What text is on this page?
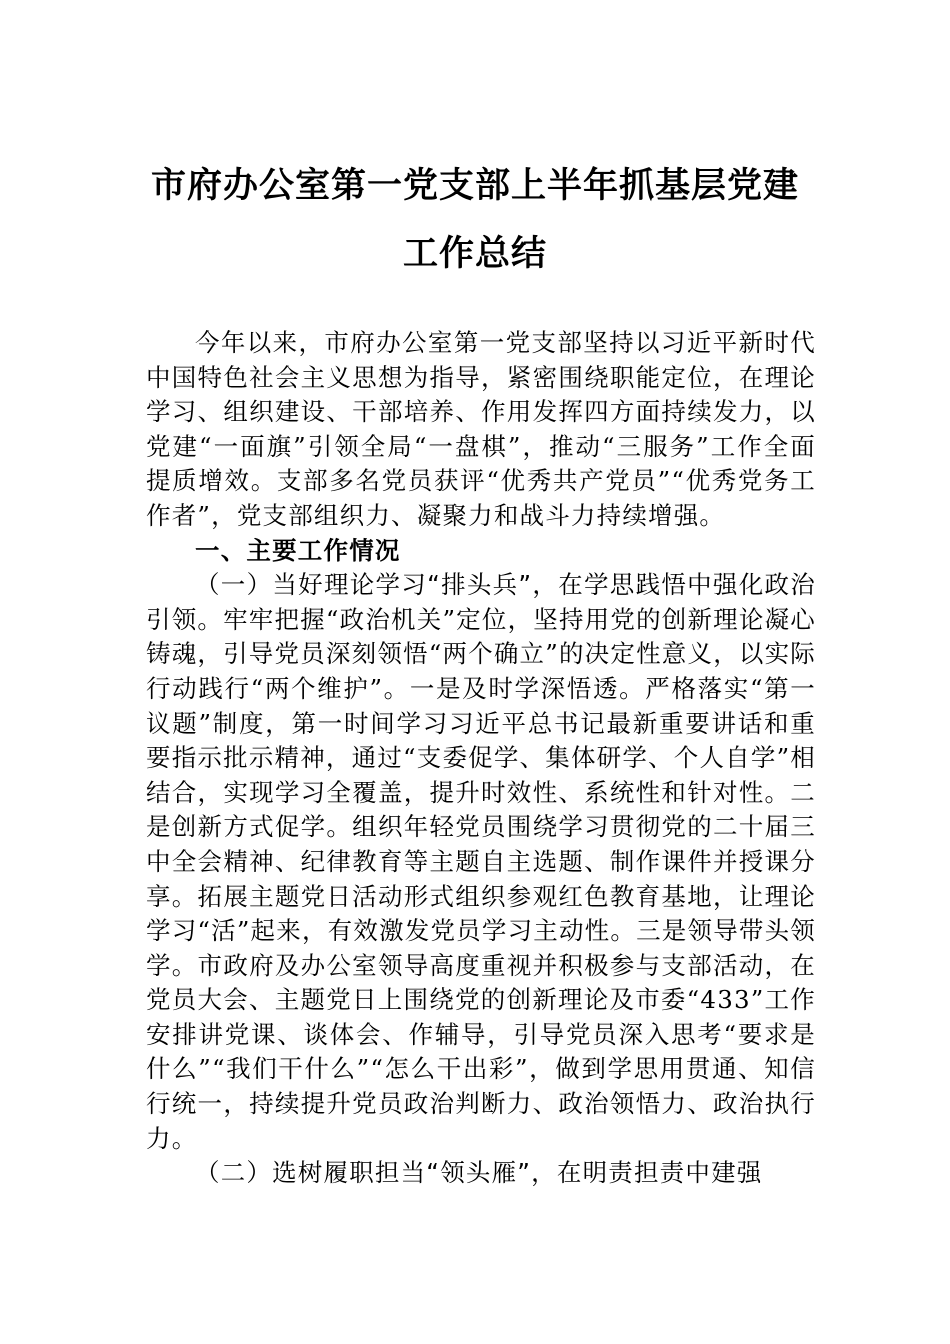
市府办公室第一党支部上半年抓基层党建
工作总结

今年以来，市府办公室第一党支部坚持以习近平新时代中国特色社会主义思想为指导，紧密围绕职能定位，在理论学习、组织建设、干部培养、作用发挥四方面持续发力，以党建“一面旗”引领全局“一盘棋”，推动“三服务”工作全面提质增效。支部多名党员获评“优秀共产党员”“优秀党务工作者”，党支部组织力、凝聚力和战斗力持续增强。

一、主要工作情况

（一）当好理论学习“排头兵”，在学思践悟中强化政治引领。牢牢把握“政治机关”定位，坚持用党的创新理论凝心铸魂，引导党员深刻领悟“两个确立”的决定性意义，以实际行动践行“两个维护”。一是及时学深悟透。严格落实“第一议题”制度，第一时间学习习近平总书记最新重要讲话和重要指示批示精神，通过“支委促学、集体研学、个人自学”相结合，实现学习全覆盖，提升时效性、系统性和针对性。二是创新方式促学。组织年轻党员围绕学习贯彻党的二十届三中全会精神、纪律教育等主题自主选题、制作课件并授课分享。拓展主题党日活动形式组织参观红色教育基地，让理论学习“活”起来，有效激发党员学习主动性。三是领导带头领学。市政府及办公室领导高度重视并积极参与支部活动，在党员大会、主题党日上围绕党的创新理论及市委“433”工作安排讲党课、谈体会、作辅导，引导党员深入思考“要求是什么”“我们干什么”“怎么干出彩”，做到学思用贯通、知信行统一，持续提升党员政治判断力、政治领悟力、政治执行力。

（二）选树履职担当“领头雁”，在明责担责中建强
